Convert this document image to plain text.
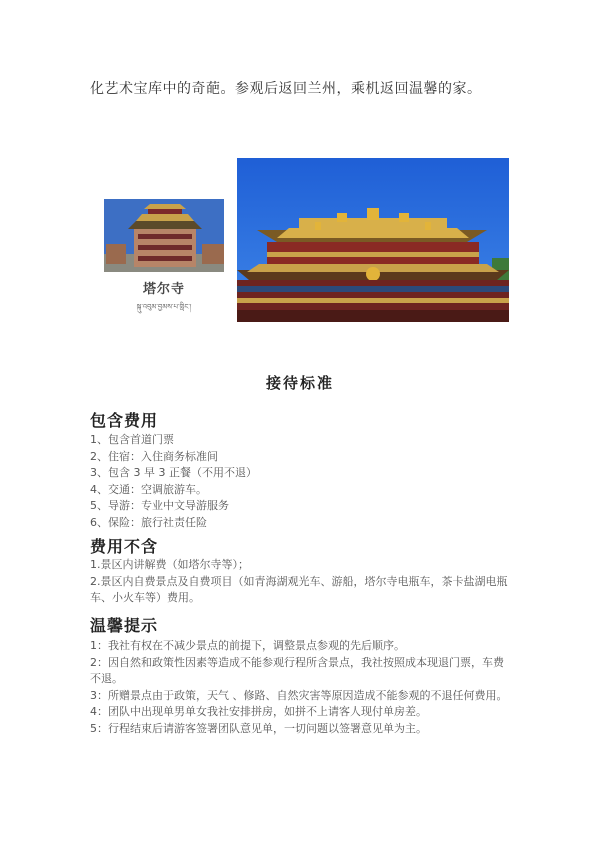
化艺术宝库中的奇葩。参观后返回兰州，乘机返回温馨的家。
塔尔寺
སྐུ་འབུམ་བྱམས་པ་གླིང་།
接待标准
包含费用
1、包含首道门票
2、住宿：入住商务标准间
3、包含 3 早 3 正餐（不用不退）
4、交通：空调旅游车。
5、导游：专业中文导游服务
6、保险：旅行社责任险
费用不含
1.景区内讲解费（如塔尔寺等）；
2.景区内自费景点及自费项目（如青海湖观光车、游船，塔尔寺电瓶车，茶卡盐湖电瓶车、小火车等）费用。
温馨提示
1：我社有权在不减少景点的前提下，调整景点参观的先后顺序。
2：因自然和政策性因素等造成不能参观行程所含景点，我社按照成本现退门票，车费不退。
3：所赠景点由于政策，天气 、修路、自然灾害等原因造成不能参观的不退任何费用。
4：团队中出现单男单女我社安排拼房，如拼不上请客人现付单房差。
5：行程结束后请游客签署团队意见单，一切问题以签署意见单为主。
